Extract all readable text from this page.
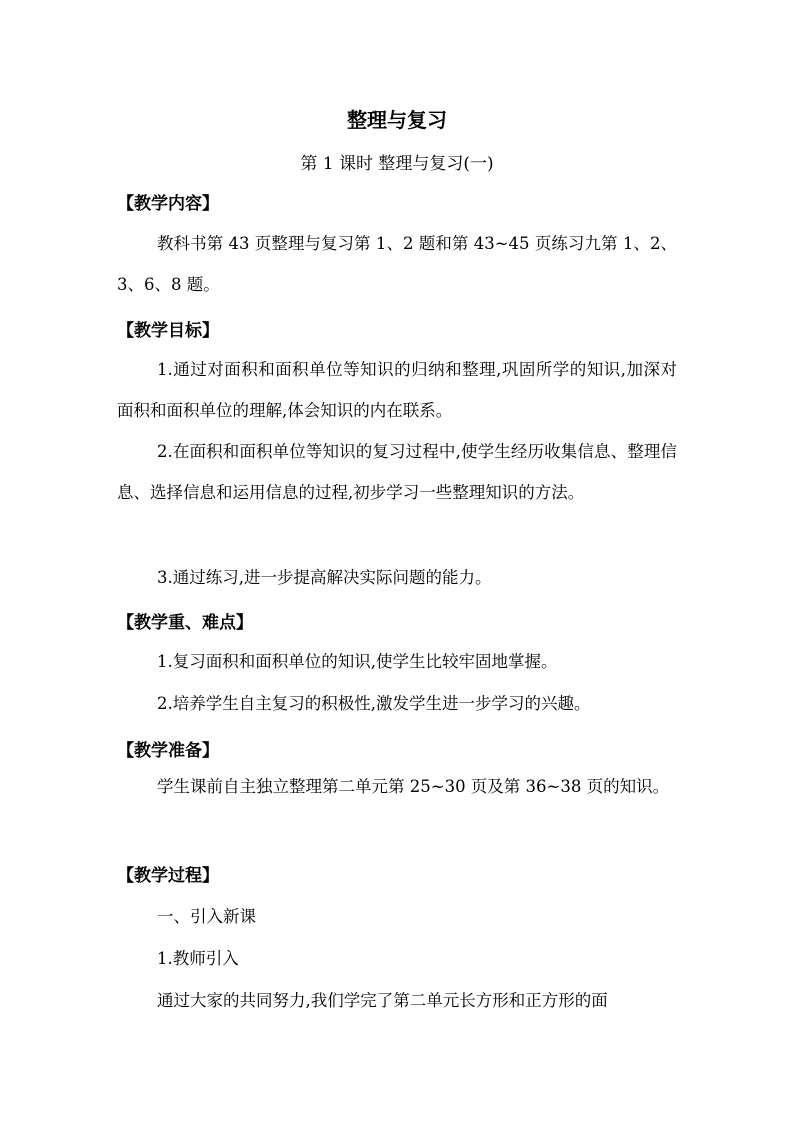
整理与复习
第 1 课时 整理与复习(一)
【教学内容】
教科书第 43 页整理与复习第 1、2 题和第 43~45 页练习九第 1、2、3、6、8 题。
【教学目标】
1.通过对面积和面积单位等知识的归纳和整理,巩固所学的知识,加深对面积和面积单位的理解,体会知识的内在联系。
2.在面积和面积单位等知识的复习过程中,使学生经历收集信息、整理信息、选择信息和运用信息的过程,初步学习一些整理知识的方法。
3.通过练习,进一步提高解决实际问题的能力。
【教学重、难点】
1.复习面积和面积单位的知识,使学生比较牢固地掌握。
2.培养学生自主复习的积极性,激发学生进一步学习的兴趣。
【教学准备】
学生课前自主独立整理第二单元第 25~30 页及第 36~38 页的知识。
【教学过程】
一、引入新课
1.教师引入
通过大家的共同努力,我们学完了第二单元长方形和正方形的面
